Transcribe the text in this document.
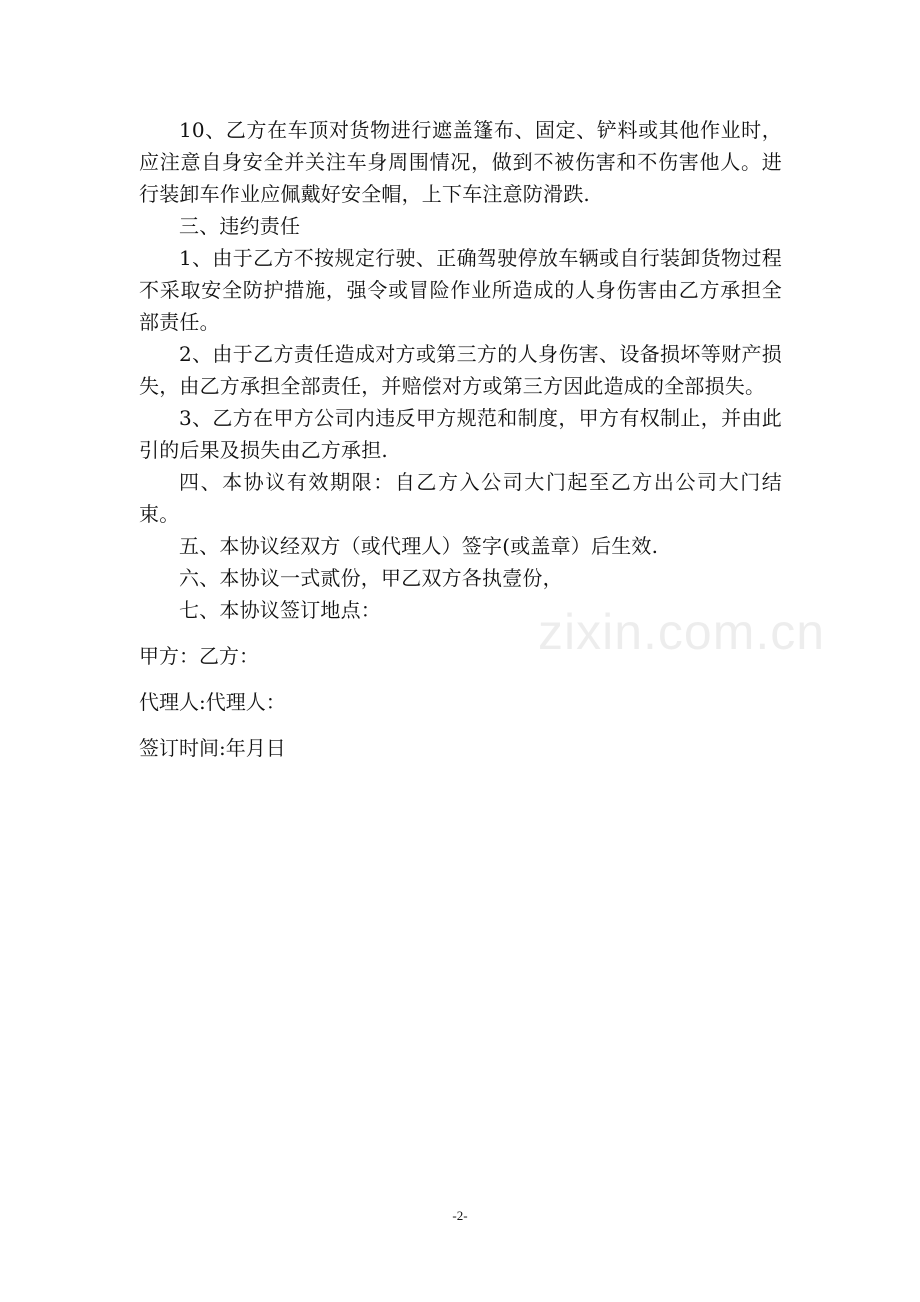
10、乙方在车顶对货物进行遮盖篷布、固定、铲料或其他作业时，应注意自身安全并关注车身周围情况，做到不被伤害和不伤害他人。进行装卸车作业应佩戴好安全帽，上下车注意防滑跌.

三、违约责任

1、由于乙方不按规定行驶、正确驾驶停放车辆或自行装卸货物过程不采取安全防护措施，强令或冒险作业所造成的人身伤害由乙方承担全部责任。

2、由于乙方责任造成对方或第三方的人身伤害、设备损坏等财产损失，由乙方承担全部责任，并赔偿对方或第三方因此造成的全部损失。

3、乙方在甲方公司内违反甲方规范和制度，甲方有权制止，并由此引的后果及损失由乙方承担.

四、本协议有效期限：自乙方入公司大门起至乙方出公司大门结束。

五、本协议经双方（或代理人）签字(或盖章）后生效.

六、本协议一式贰份，甲乙双方各执壹份，

七、本协议签订地点：

甲方：乙方：

代理人:代理人：

签订时间:年月日

zixin.com.cn
-2-
